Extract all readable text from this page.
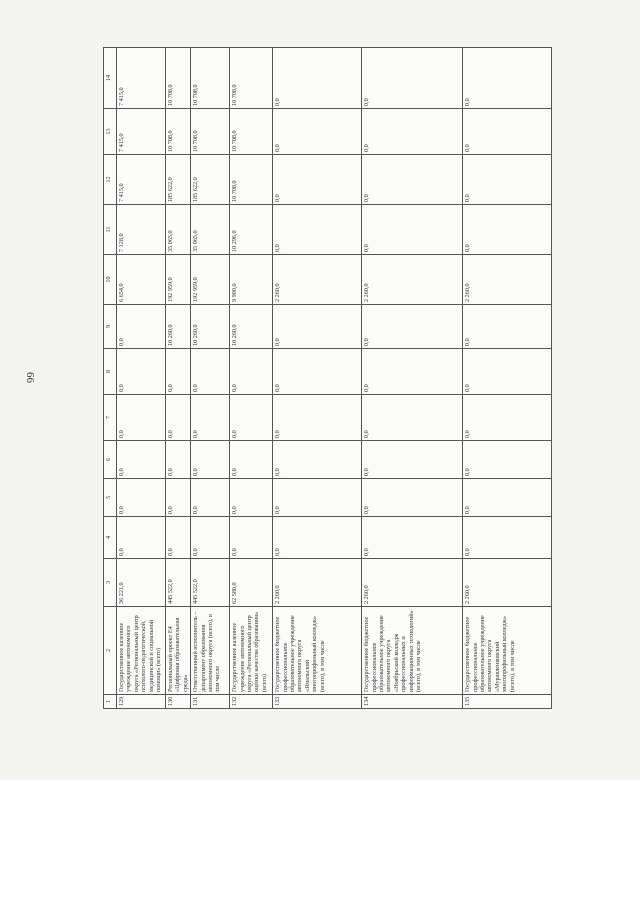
66
1	2	3	4	5	6	7	8	9	10	11	12	13	14
129	Государственное казенное учреждение автономного округа «Региональный центр психолого-педагогической, медицинской и социальной помощи» (всего)	36 221,0	0,0	0,0	0,0	0,0	0,0	0,0	6 654,0	7 128,0	7 415,0	7 415,0	7 415,0
130	Региональный проект Е4 «Цифровая образовательная среда»	445 522,0	0,0	0,0	0,0	0,0	0,0	10 260,0	192 959,0	35 065,0	185 622,0	10 708,0	10 708,0
131	Ответственный исполнитель – департамент образования автономного округа (всего), в том числе	445 522,0	0,0	0,0	0,0	0,0	0,0	10 260,0	192 959,0	35 065,0	185 622,0	10 708,0	10 708,0
132	Государственное казенное учреждение автономного округа «Региональный центр оценки качества образования» (всего)	62 580,0	0,0	0,0	0,0	0,0	0,0	10 260,0	9 900,0	10 296,0	10 708,0	10 708,0	10 708,0
133	Государственное бюджетное профессиональное образовательное учреждение автономного округа «Ямальский многопрофильный колледж» (всего), в том числе	2 260,0	0,0	0,0	0,0	0,0	0,0	0,0	2 260,0	0,0	0,0	0,0	0,0
134	Государственное бюджетное профессиональное образовательное учреждение автономного округа «Ноябрьский колледж профессиональных и информационных технологий» (всего), в том числе	2 260,0	0,0	0,0	0,0	0,0	0,0	0,0	2 260,0	0,0	0,0	0,0	0,0
135	Государственное бюджетное профессиональное образовательное учреждение автономного округа «Муравленковский многопрофильный колледж» (всего), в том числе	2 260,0	0,0	0,0	0,0	0,0	0,0	0,0	2 260,0	0,0	0,0	0,0	0,0
